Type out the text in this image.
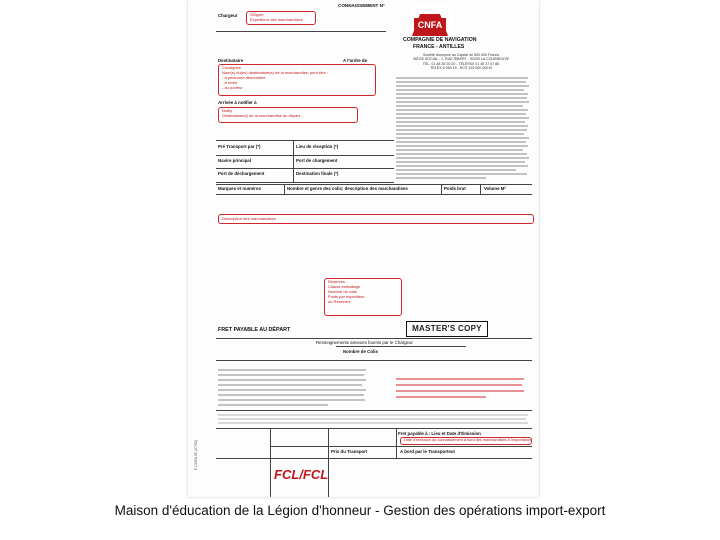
CONNAISSEMENT N°
Chargeur	Shipper
Expéditeur des marchandises
CNFA
COMPAGNIE DE NAVIGATION
FRANCE - ANTILLES
Société Anonyme au Capital de 500.000 Francs
SIÈGE SOCIAL : 1, RUE RIBERT - 93200 LA COURNEUVE
TÉL. 01 48 36 20 20 - TÉLÉFAX 01 48 37 67 86
TÉLEX 5 050 15 - RCS 315 000 000 B
Destinataire	A l'ordre de
Consignee
Nom(s) du(es) destinataire(s) de la marchandise, peut être :
- à personne dénommée
- à ordre
- au porteur
Arrivée à notifier à
Notify
Destinataire(s) de la marchandise au départ...
Pré Transport par (*)	Lieu de réception (*)
Navire principal	Port de chargement
Port de déchargement	Destination finale (*)
Marques et numéros	Nombre et genre des colis; description des marchandises	Poids brut	Volume M³
Description des marchandises
Réserves :
Clause emballage
Nombre de colis
Poids par expéditeur
ou Réserves
FRET PAYABLE AU DÉPART	MASTER'S COPY
Renseignements annexes fournis par le Chargeur
Nombre de Colis
Fret payable à : Lieu et Date d'Émission
Date d'émission du connaissement à bord des marchandises à l'exportation
Prix du Transport	A bord par le Transporteur
FCL/FCL
F-CNFA 05 (07/93)
Maison d'éducation de la Légion d'honneur - Gestion des opérations import-export
